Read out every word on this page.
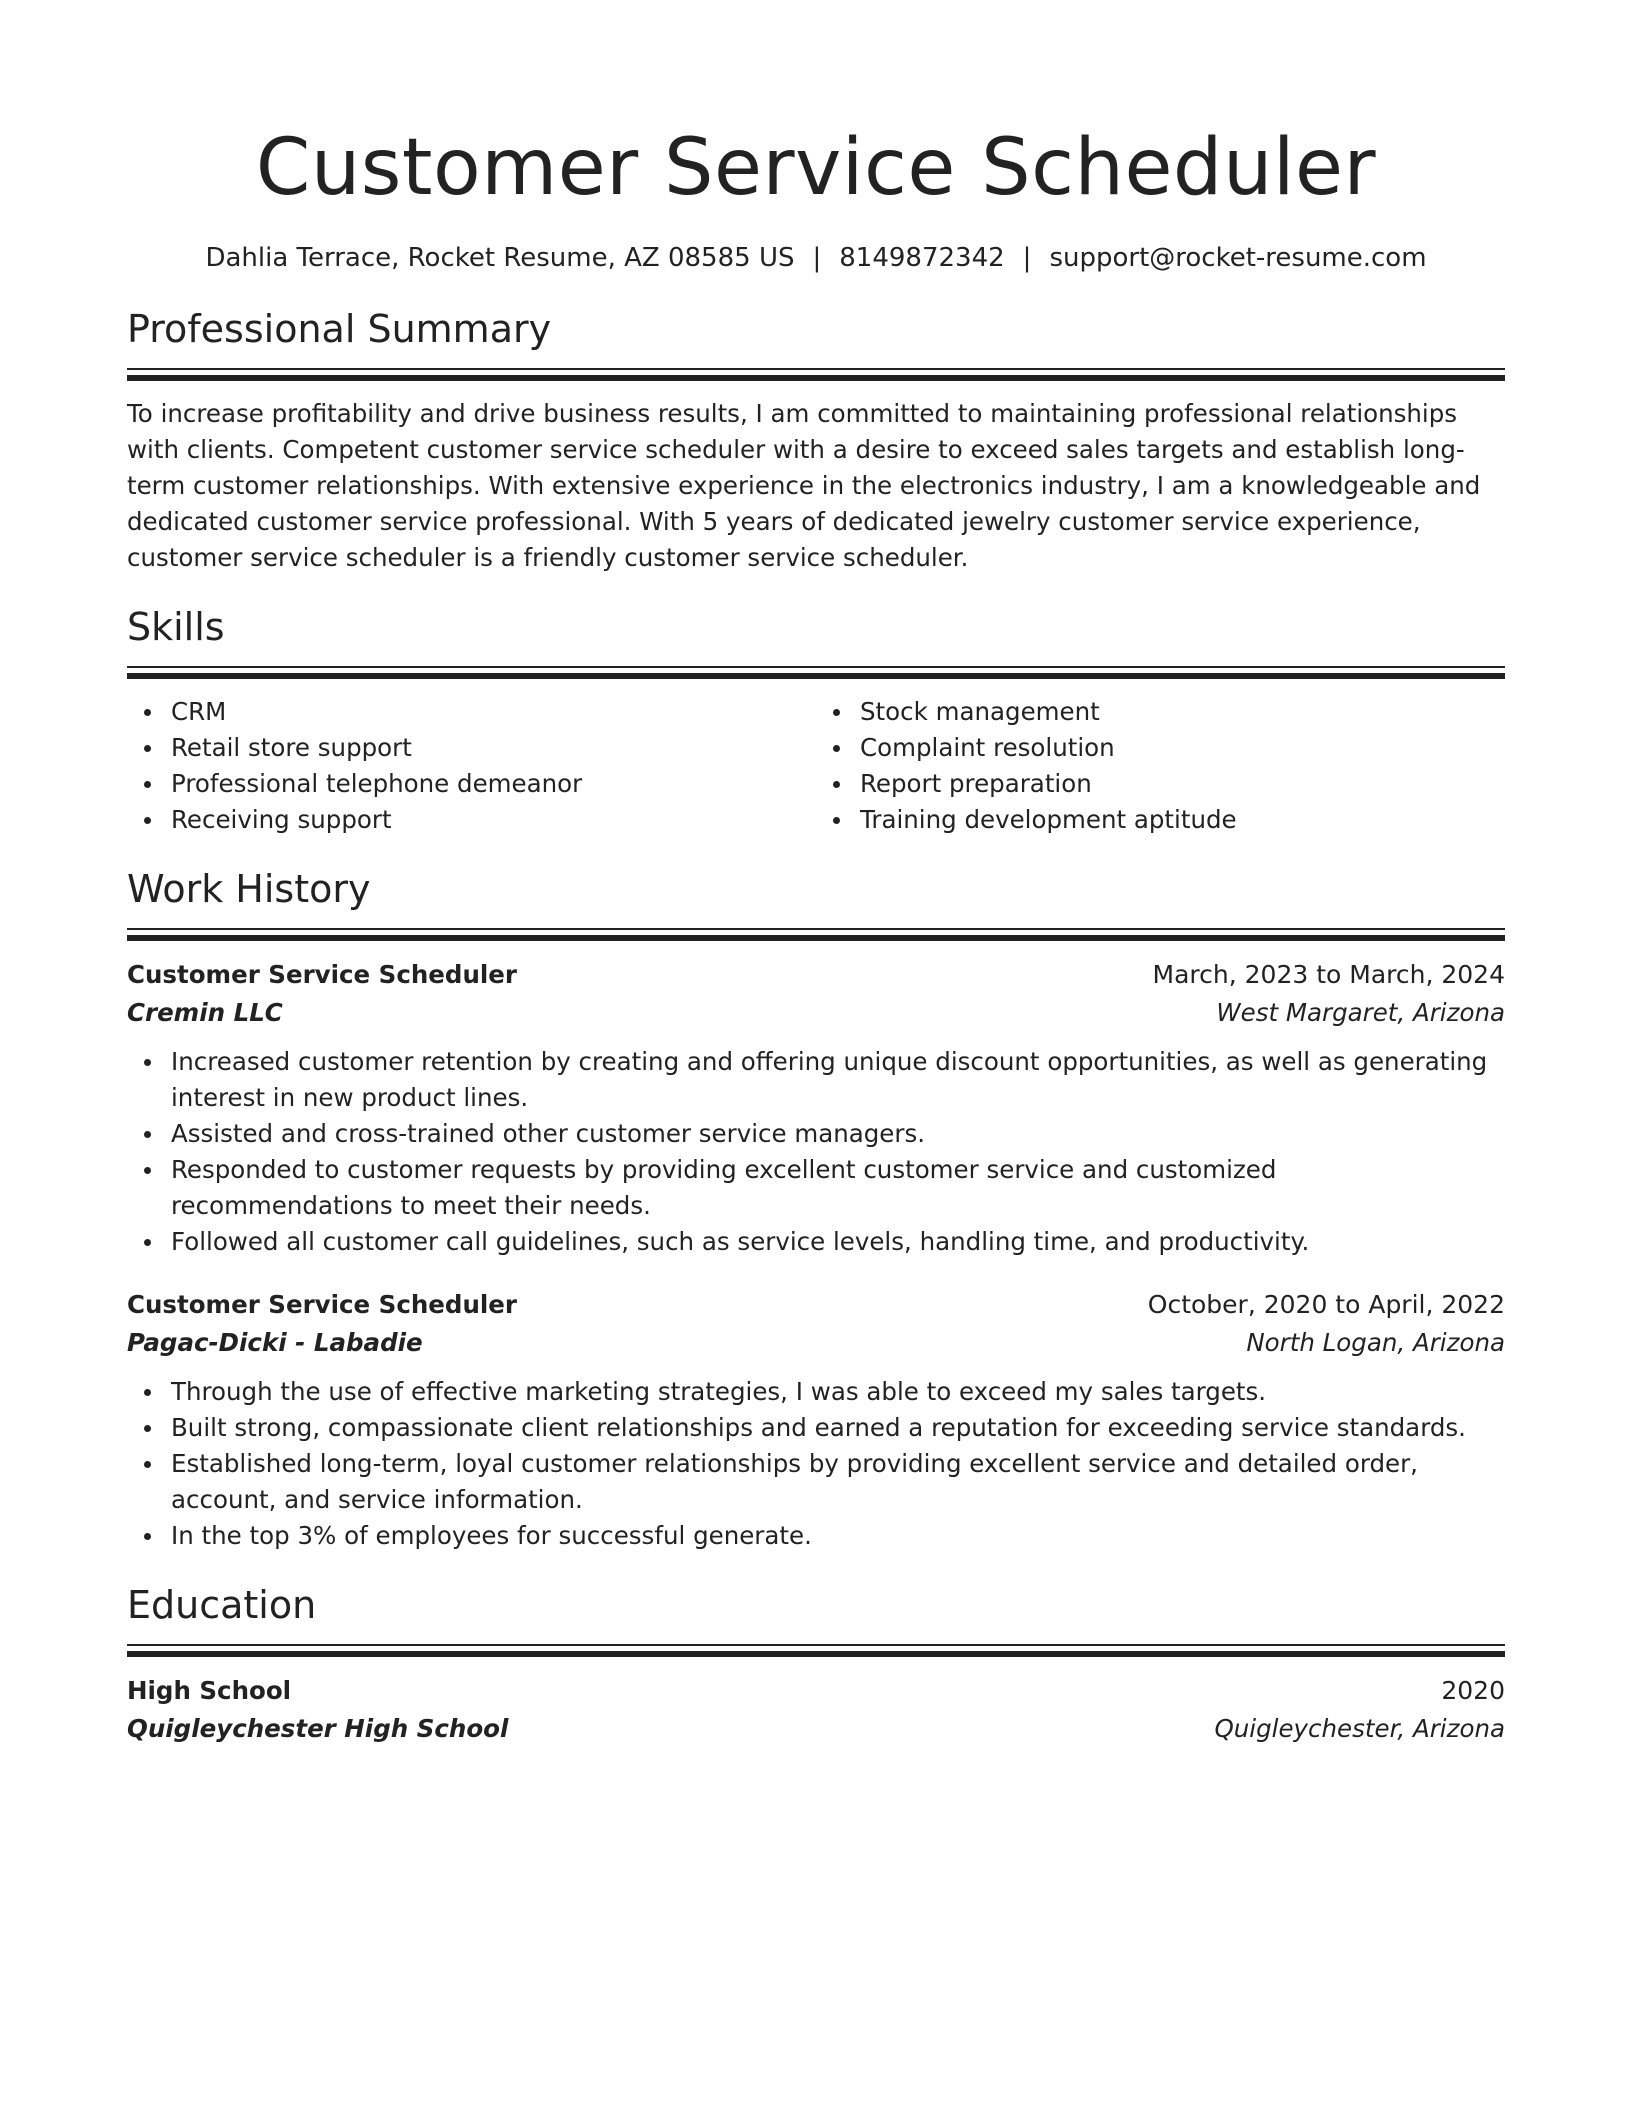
Customer Service Scheduler
Dahlia Terrace, Rocket Resume, AZ 08585 US | 8149872342 | support@rocket-resume.com
Professional Summary

To increase profitability and drive business results, I am committed to maintaining professional relationships with clients. Competent customer service scheduler with a desire to exceed sales targets and establish long-term customer relationships. With extensive experience in the electronics industry, I am a knowledgeable and dedicated customer service professional. With 5 years of dedicated jewelry customer service experience, customer service scheduler is a friendly customer service scheduler.

Skills
CRM
Retail store support
Professional telephone demeanor
Receiving support
Stock management
Complaint resolution
Report preparation
Training development aptitude
Work History
Customer Service Scheduler	March, 2023 to March, 2024
Cremin LLC	West Margaret, Arizona
Increased customer retention by creating and offering unique discount opportunities, as well as generating interest in new product lines.
Assisted and cross-trained other customer service managers.
Responded to customer requests by providing excellent customer service and customized recommendations to meet their needs.
Followed all customer call guidelines, such as service levels, handling time, and productivity.
Customer Service Scheduler	October, 2020 to April, 2022
Pagac-Dicki - Labadie	North Logan, Arizona
Through the use of effective marketing strategies, I was able to exceed my sales targets.
Built strong, compassionate client relationships and earned a reputation for exceeding service standards.
Established long-term, loyal customer relationships by providing excellent service and detailed order, account, and service information.
In the top 3% of employees for successful generate.
Education
High School	2020
Quigleychester High School	Quigleychester, Arizona
